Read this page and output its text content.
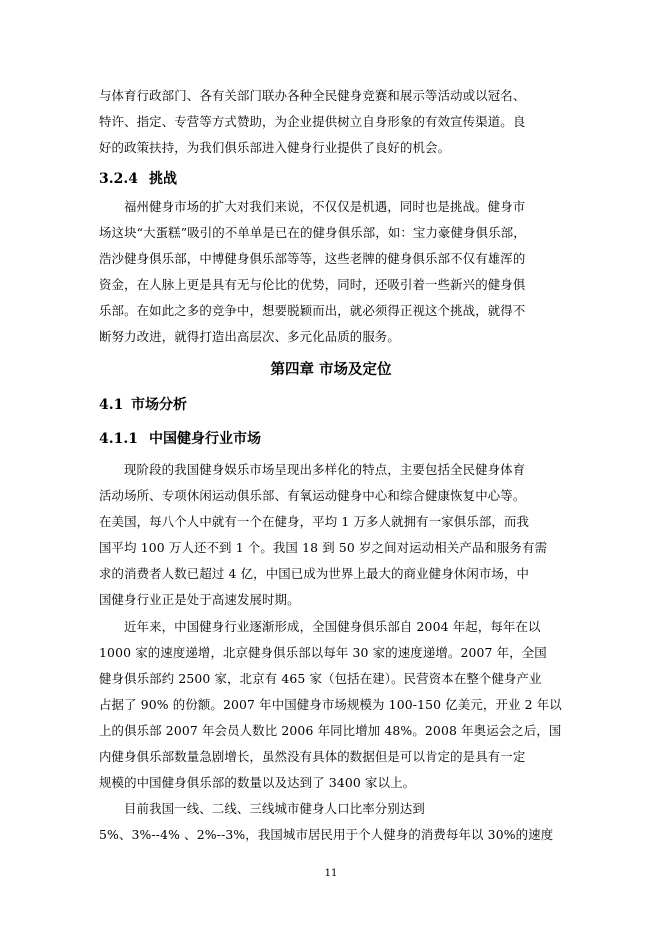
与体育行政部门、各有关部门联办各种全民健身竞赛和展示等活动或以冠名、
特许、指定、专营等方式赞助，为企业提供树立自身形象的有效宣传渠道。良
好的政策扶持，为我们俱乐部进入健身行业提供了良好的机会。
3.2.4 挑战
福州健身市场的扩大对我们来说，不仅仅是机遇，同时也是挑战。健身市
场这块“大蛋糕”吸引的不单单是已在的健身俱乐部，如：宝力豪健身俱乐部，
浩沙健身俱乐部，中博健身俱乐部等等，这些老牌的健身俱乐部不仅有雄浑的
资金，在人脉上更是具有无与伦比的优势，同时，还吸引着一些新兴的健身俱
乐部。在如此之多的竞争中，想要脱颖而出，就必须得正视这个挑战，就得不
断努力改进，就得打造出高层次、多元化品质的服务。
第四章 市场及定位
4.1 市场分析
4.1.1 中国健身行业市场
现阶段的我国健身娱乐市场呈现出多样化的特点，主要包括全民健身体育
活动场所、专项休闲运动俱乐部、有氧运动健身中心和综合健康恢复中心等。
在美国，每八个人中就有一个在健身，平均 1 万多人就拥有一家俱乐部，而我
国平均 100 万人还不到 1 个。我国 18 到 50 岁之间对运动相关产品和服务有需
求的消费者人数已超过 4 亿，中国已成为世界上最大的商业健身休闲市场，中
国健身行业正是处于高速发展时期。
近年来，中国健身行业逐渐形成，全国健身俱乐部自 2004 年起，每年在以
1000 家的速度递增，北京健身俱乐部以每年 30 家的速度递增。2007 年，全国
健身俱乐部约 2500 家，北京有 465 家（包括在建）。民营资本在整个健身产业
占据了 90% 的份额。2007 年中国健身市场规模为 100-150 亿美元，开业 2 年以
上的俱乐部 2007 年会员人数比 2006 年同比增加 48%。2008 年奥运会之后，国
内健身俱乐部数量急剧增长，虽然没有具体的数据但是可以肯定的是具有一定
规模的中国健身俱乐部的数量以及达到了 3400 家以上。
目前我国一线、二线、三线城市健身人口比率分别达到
5%、3%--4% 、2%--3%，我国城市居民用于个人健身的消费每年以 30%的速度
11
